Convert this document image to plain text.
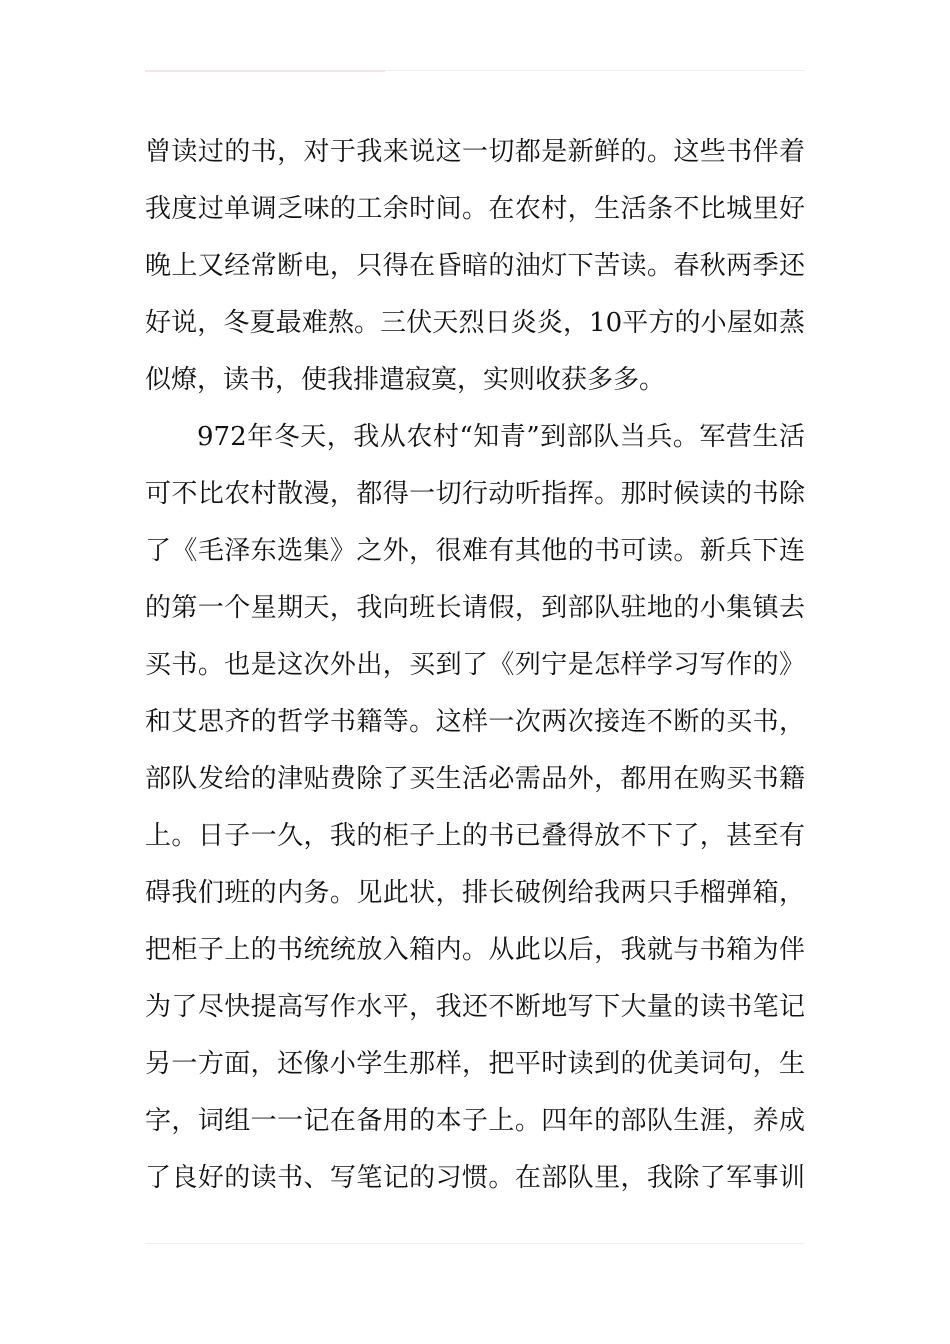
曾读过的书，对于我来说这一切都是新鲜的。这些书伴着
我度过单调乏味的工余时间。在农村，生活条不比城里好
晚上又经常断电，只得在昏暗的油灯下苦读。春秋两季还
好说，冬夏最难熬。三伏天烈日炎炎，10平方的小屋如蒸
似燎，读书，使我排遣寂寞，实则收获多多。
972年冬天，我从农村“知青”到部队当兵。军营生活
可不比农村散漫，都得一切行动听指挥。那时候读的书除
了《毛泽东选集》之外，很难有其他的书可读。新兵下连
的第一个星期天，我向班长请假，到部队驻地的小集镇去
买书。也是这次外出，买到了《列宁是怎样学习写作的》
和艾思齐的哲学书籍等。这样一次两次接连不断的买书，
部队发给的津贴费除了买生活必需品外，都用在购买书籍
上。日子一久，我的柜子上的书已叠得放不下了，甚至有
碍我们班的内务。见此状，排长破例给我两只手榴弹箱，
把柜子上的书统统放入箱内。从此以后，我就与书箱为伴
为了尽快提高写作水平，我还不断地写下大量的读书笔记
另一方面，还像小学生那样，把平时读到的优美词句，生
字，词组一一记在备用的本子上。四年的部队生涯，养成
了良好的读书、写笔记的习惯。在部队里，我除了军事训
